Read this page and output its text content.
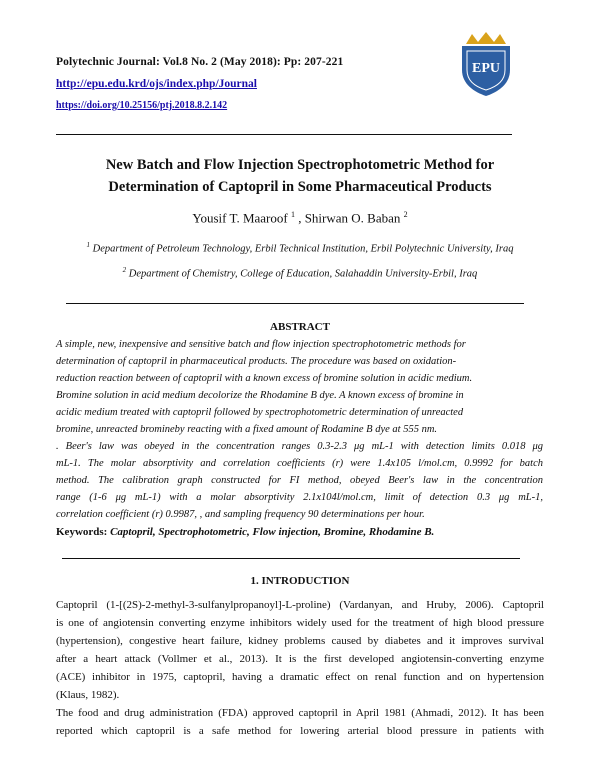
Polytechnic Journal: Vol.8 No. 2 (May 2018): Pp: 207-221
http://epu.edu.krd/ojs/index.php/Journal
https://doi.org/10.25156/ptj.2018.8.2.142
EPU
New Batch and Flow Injection Spectrophotometric Method for
Determination of Captopril in Some Pharmaceutical Products
Yousif T. Maaroof $^1$ , Shirwan O. Baban $^2$
$^1$ Department of Petroleum Technology, Erbil Technical Institution, Erbil Polytechnic University, Iraq
$^2$ Department of Chemistry, College of Education, Salahaddin University-Erbil, Iraq
ABSTRACT
A simple, new, inexpensive and sensitive batch and flow injection spectrophotometric methods for
determination of captopril in pharmaceutical products. The procedure was based on oxidation-
reduction reaction between of captopril with a known excess of bromine solution in acidic medium.
Bromine solution in acid medium decolorize the Rhodamine B dye. A known excess of bromine in
acidic medium treated with captopril followed by spectrophotometric determination of unreacted
bromine, unreacted bromineby reacting with a fixed amount of Rodamine B dye at 555 nm.
. Beer's law was obeyed in the concentration ranges 0.3-2.3 μg mL-1 with detection limits 0.018 μg
mL-1. The molar absorptivity and correlation coefficients (r) were 1.4x105 l/mol.cm, 0.9992 for batch
method. The calibration graph constructed for FI method, obeyed Beer's law in the concentration
range (1-6 μg mL-1) with a molar absorptivity 2.1x104l/mol.cm, limit of detection 0.3 μg mL-1,
correlation coefficient (r) 0.9987, , and sampling frequency 90 determinations per hour.
Keywords: Captopril, Spectrophotometric, Flow injection, Bromine, Rhodamine B.
1. INTRODUCTION
Captopril (1-[(2S)-2-methyl-3-sulfanylpropanoyl]-L-proline) (Vardanyan, and Hruby, 2006). Captopril
is one of angiotensin converting enzyme inhibitors widely used for the treatment of high blood pressure
(hypertension), congestive heart failure, kidney problems caused by diabetes and it improves survival
after a heart attack (Vollmer et al., 2013). It is the first developed angiotensin-converting enzyme
(ACE) inhibitor in 1975, captopril, having a dramatic effect on renal function and on hypertension
(Klaus, 1982).
The food and drug administration (FDA) approved captopril in April 1981 (Ahmadi, 2012). It has been
reported which captopril is a safe method for lowering arterial blood pressure in patients with
